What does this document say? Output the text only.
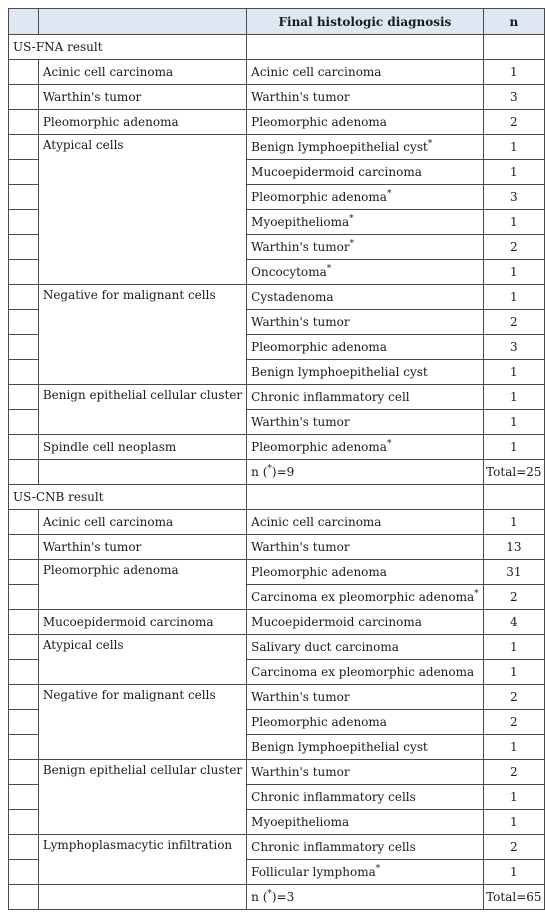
		Final histologic diagnosis	n
US-FNA result			
	Acinic cell carcinoma	Acinic cell carcinoma	1
	Warthin's tumor	Warthin's tumor	3
	Pleomorphic adenoma	Pleomorphic adenoma	2
	Atypical cells	Benign lymphoepithelial cyst*	1
		Mucoepidermoid carcinoma	1
		Pleomorphic adenoma*	3
		Myoepithelioma*	1
		Warthin's tumor*	2
		Oncocytoma*	1
	Negative for malignant cells	Cystadenoma	1
		Warthin's tumor	2
		Pleomorphic adenoma	3
		Benign lymphoepithelial cyst	1
	Benign epithelial cellular cluster	Chronic inflammatory cell	1
		Warthin's tumor	1
	Spindle cell neoplasm	Pleomorphic adenoma*	1
		n (*)=9	Total=25
US-CNB result			
	Acinic cell carcinoma	Acinic cell carcinoma	1
	Warthin's tumor	Warthin's tumor	13
	Pleomorphic adenoma	Pleomorphic adenoma	31
		Carcinoma ex pleomorphic adenoma*	2
	Mucoepidermoid carcinoma	Mucoepidermoid carcinoma	4
	Atypical cells	Salivary duct carcinoma	1
		Carcinoma ex pleomorphic adenoma	1
	Negative for malignant cells	Warthin's tumor	2
		Pleomorphic adenoma	2
		Benign lymphoepithelial cyst	1
	Benign epithelial cellular cluster	Warthin's tumor	2
		Chronic inflammatory cells	1
		Myoepithelioma	1
	Lymphoplasmacytic infiltration	Chronic inflammatory cells	2
		Follicular lymphoma*	1
		n (*)=3	Total=65
